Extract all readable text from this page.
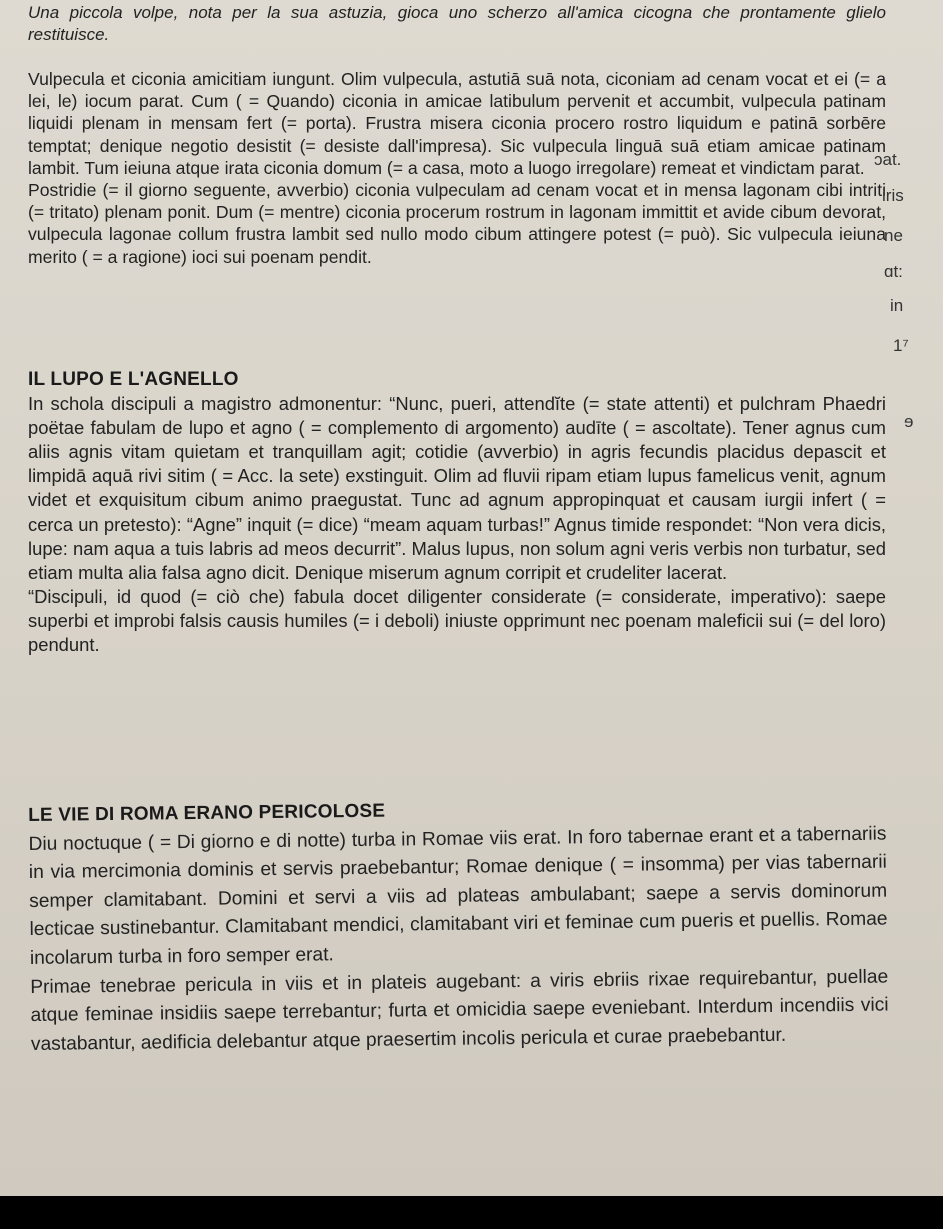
Una piccola volpe, nota per la sua astuzia, gioca uno scherzo all'amica cicogna che prontamente glielo restituisce.

Vulpecula et ciconia amicitiam iungunt. Olim vulpecula, astutiā suā nota, ciconiam ad cenam vocat et ei (= a lei, le) iocum parat. Cum ( = Quando) ciconia in amicae latibulum pervenit et accumbit, vulpecula patinam liquidi plenam in mensam fert (= porta). Frustra misera ciconia procero rostro liquidum e patinā sorbēre temptat; denique negotio desistit (= desiste dall'impresa). Sic vulpecula linguā suā etiam amicae patinam lambit. Tum ieiuna atque irata ciconia domum (= a casa, moto a luogo irregolare) remeat et vindictam parat.

Postridie (= il giorno seguente, avverbio) ciconia vulpeculam ad cenam vocat et in mensa lagonam cibi intriti (= tritato) plenam ponit. Dum (= mentre) ciconia procerum rostrum in lagonam immittit et avide cibum devorat, vulpecula lagonae collum frustra lambit sed nullo modo cibum attingere potest (= può). Sic vulpecula ieiuna merito ( = a ragione) ioci sui poenam pendit.

IL LUPO E L'AGNELLO

In schola discipuli a magistro admonentur: “Nunc, pueri, attendĭte (= state attenti) et pulchram Phaedri poëtae fabulam de lupo et agno ( = complemento di argomento) audīte ( = ascoltate). Tener agnus cum aliis agnis vitam quietam et tranquillam agit; cotidie (avverbio) in agris fecundis placidus depascit et limpidā aquā rivi sitim ( = Acc. la sete) exstinguit. Olim ad fluvii ripam etiam lupus famelicus venit, agnum videt et exquisitum cibum animo praegustat. Tunc ad agnum appropinquat et causam iurgii infert ( = cerca un pretesto): “Agne” inquit (= dice) “meam aquam turbas!” Agnus timide respondet: “Non vera dicis, lupe: nam aqua a tuis labris ad meos decurrit”. Malus lupus, non solum agni veris verbis non turbatur, sed etiam multa alia falsa agno dicit. Denique miserum agnum corripit et crudeliter lacerat.

“Discipuli, id quod (= ciò che) fabula docet diligenter considerate (= considerate, imperativo): saepe superbi et improbi falsis causis humiles (= i deboli) iniuste opprimunt nec poenam maleficii sui (= del loro) pendunt.

LE VIE DI ROMA ERANO PERICOLOSE

Diu noctuque ( = Di giorno e di notte) turba in Romae viis erat. In foro tabernae erant et a tabernariis in via mercimonia dominis et servis praebebantur; Romae denique ( = insomma) per vias tabernarii semper clamitabant. Domini et servi a viis ad plateas ambulabant; saepe a servis dominorum lecticae sustinebantur. Clamitabant mendici, clamitabant viri et feminae cum pueris et puellis. Romae incolarum turba in foro semper erat.

Primae tenebrae pericula in viis et in plateis augebant: a viris ebriis rixae requirebantur, puellae atque feminae insidiis saepe terrebantur; furta et omicidia saepe eveniebant. Interdum incendiis vici vastabantur, aedificia delebantur atque praesertim incolis pericula et curae praebebantur.

ɔat.
iris
ne
ɑt:
in
1⁷
ɘ
